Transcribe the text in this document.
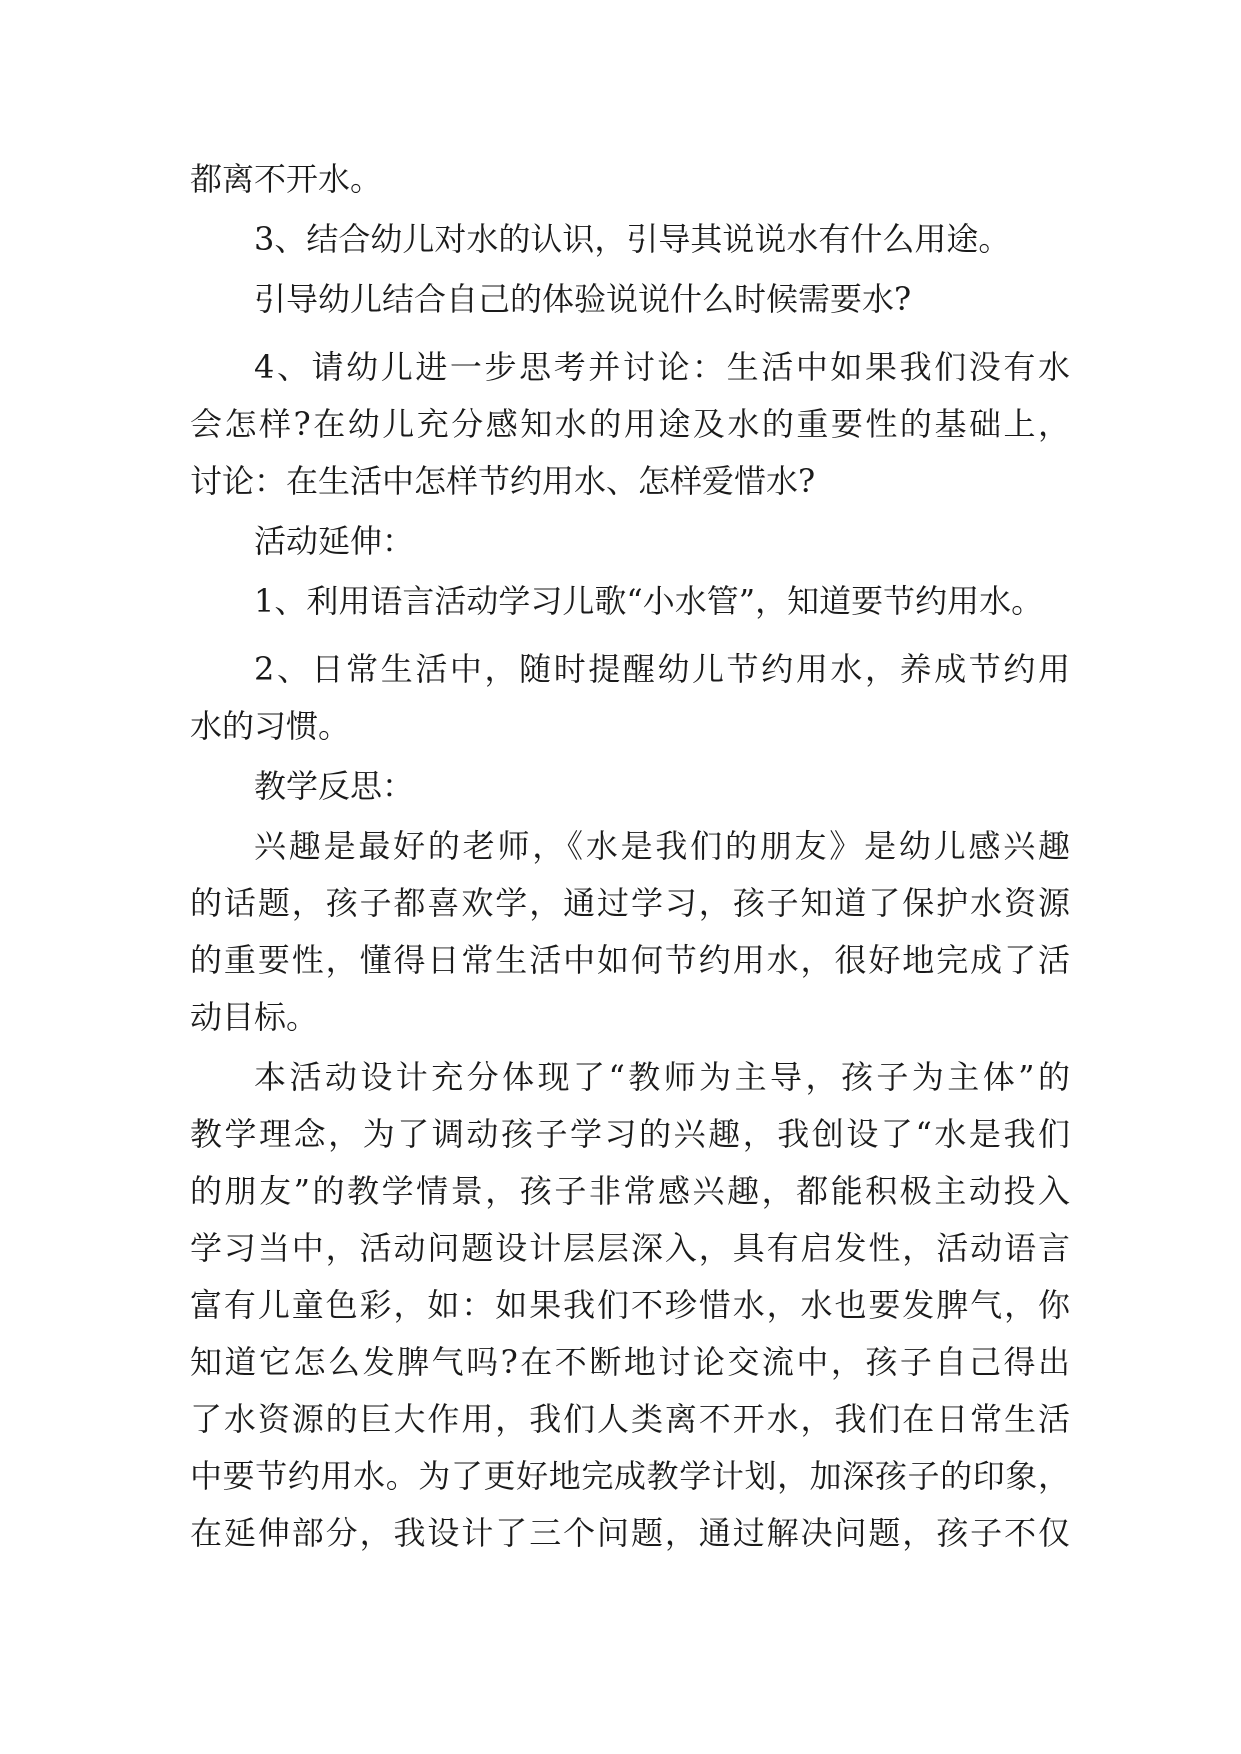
都离不开水。
3、结合幼儿对水的认识，引导其说说水有什么用途。
引导幼儿结合自己的体验说说什么时候需要水?
4、请幼儿进一步思考并讨论：生活中如果我们没有水
会怎样?在幼儿充分感知水的用途及水的重要性的基础上，
讨论：在生活中怎样节约用水、怎样爱惜水?
活动延伸：
1、利用语言活动学习儿歌“小水管”，知道要节约用水。
2、日常生活中，随时提醒幼儿节约用水，养成节约用
水的习惯。
教学反思：
兴趣是最好的老师，《水是我们的朋友》是幼儿感兴趣
的话题，孩子都喜欢学，通过学习，孩子知道了保护水资源
的重要性，懂得日常生活中如何节约用水，很好地完成了活
动目标。
本活动设计充分体现了“教师为主导，孩子为主体”的
教学理念，为了调动孩子学习的兴趣，我创设了“水是我们
的朋友”的教学情景，孩子非常感兴趣，都能积极主动投入
学习当中，活动问题设计层层深入，具有启发性，活动语言
富有儿童色彩，如：如果我们不珍惜水，水也要发脾气，你
知道它怎么发脾气吗?在不断地讨论交流中，孩子自己得出
了水资源的巨大作用，我们人类离不开水，我们在日常生活
中要节约用水。为了更好地完成教学计划，加深孩子的印象，
在延伸部分，我设计了三个问题，通过解决问题，孩子不仅
